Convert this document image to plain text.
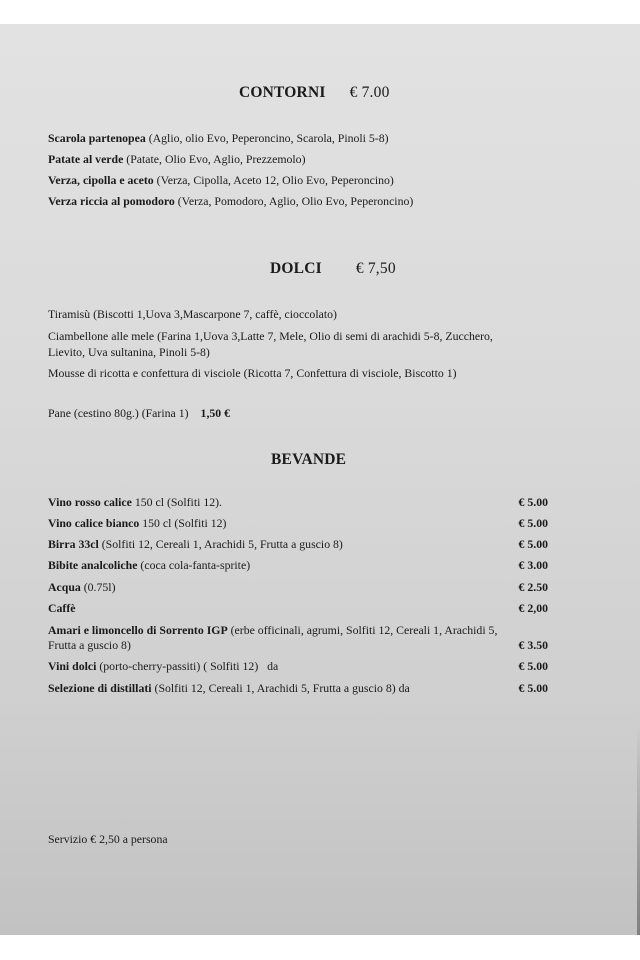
CONTORNI € 7.00
Scarola partenopea (Aglio, olio Evo, Peperoncino, Scarola, Pinoli 5-8)
Patate al verde (Patate, Olio Evo, Aglio, Prezzemolo)
Verza, cipolla e aceto (Verza, Cipolla, Aceto 12, Olio Evo, Peperoncino)
Verza riccia al pomodoro (Verza, Pomodoro, Aglio, Olio Evo, Peperoncino)
DOLCI € 7,50
Tiramisù (Biscotti 1,Uova 3,Mascarpone 7, caffè, cioccolato)
Ciambellone alle mele (Farina 1,Uova 3,Latte 7, Mele, Olio di semi di arachidi 5-8, Zucchero,
Lievito, Uva sultanina, Pinoli 5-8)
Mousse di ricotta e confettura di visciole (Ricotta 7, Confettura di visciole, Biscotto 1)
Pane (cestino 80g.) (Farina 1) 1,50 €
BEVANDE
Vino rosso calice 150 cl (Solfiti 12).	€ 5.00
Vino calice bianco 150 cl (Solfiti 12)	€ 5.00
Birra 33cl (Solfiti 12, Cereali 1, Arachidi 5, Frutta a guscio 8)	€ 5.00
Bibite analcoliche (coca cola-fanta-sprite)	€ 3.00
Acqua (0.75l)	€ 2.50
Caffè	€ 2,00
Amari e limoncello di Sorrento IGP (erbe officinali, agrumi, Solfiti 12, Cereali 1, Arachidi 5,
Frutta a guscio 8)	€ 3.50
Vini dolci (porto-cherry-passiti) ( Solfiti 12)   da	€ 5.00
Selezione di distillati (Solfiti 12, Cereali 1, Arachidi 5, Frutta a guscio 8) da	€ 5.00
Servizio € 2,50 a persona
